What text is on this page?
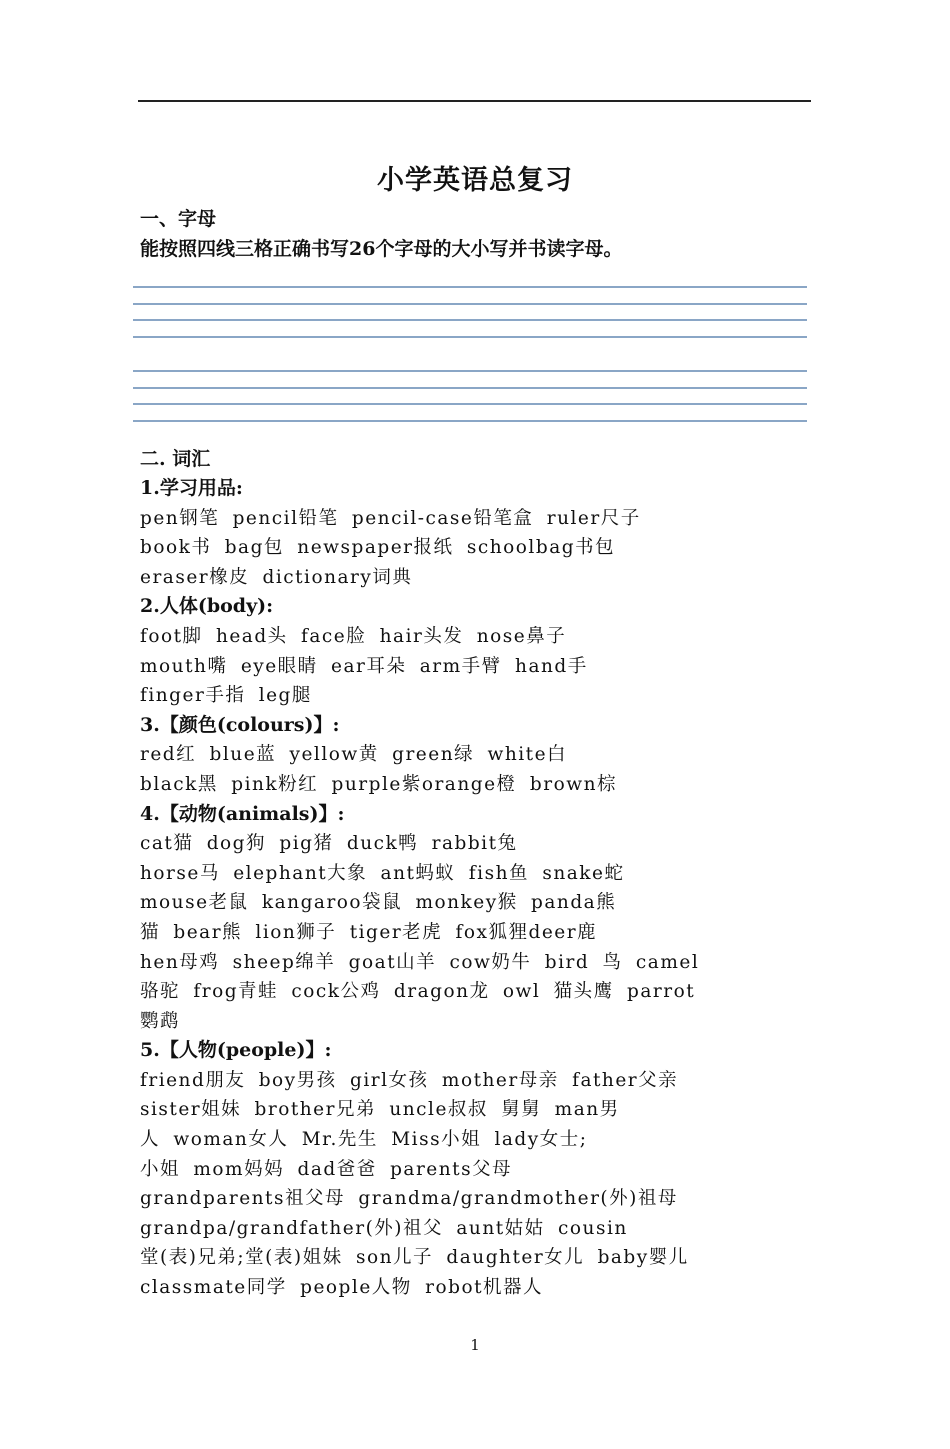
小学英语总复习

一、字母

能按照四线三格正确书写26个字母的大小写并书读字母。

二. 词汇

1.学习用品:

pen钢笔 pencil铅笔 pencil-case铅笔盒 ruler尺子

book书 bag包 newspaper报纸 schoolbag书包

eraser橡皮 dictionary词典

2.人体(body):

foot脚 head头 face脸 hair头发 nose鼻子

mouth嘴 eye眼睛 ear耳朵 arm手臂 hand手

finger手指 leg腿

3.【颜色(colours)】:

red红 blue蓝 yellow黄 green绿 white白

black黑 pink粉红 purple紫orange橙 brown棕

4.【动物(animals)】:

cat猫 dog狗 pig猪 duck鸭 rabbit兔

horse马 elephant大象 ant蚂蚁 fish鱼 snake蛇

mouse老鼠 kangaroo袋鼠 monkey猴 panda熊

猫 bear熊 lion狮子 tiger老虎 fox狐狸deer鹿

hen母鸡 sheep绵羊 goat山羊 cow奶牛 bird 鸟 camel

骆驼 frog青蛙 cock公鸡 dragon龙 owl 猫头鹰 parrot

鹦鹉

5.【人物(people)】:

friend朋友 boy男孩 girl女孩 mother母亲 father父亲

sister姐妹 brother兄弟 uncle叔叔 舅舅 man男

人 woman女人 Mr.先生 Miss小姐 lady女士;

小姐 mom妈妈 dad爸爸 parents父母

grandparents祖父母 grandma/grandmother(外)祖母

grandpa/grandfather(外)祖父 aunt姑姑 cousin

堂(表)兄弟;堂(表)姐妹 son儿子 daughter女儿 baby婴儿

classmate同学 people人物 robot机器人

1
